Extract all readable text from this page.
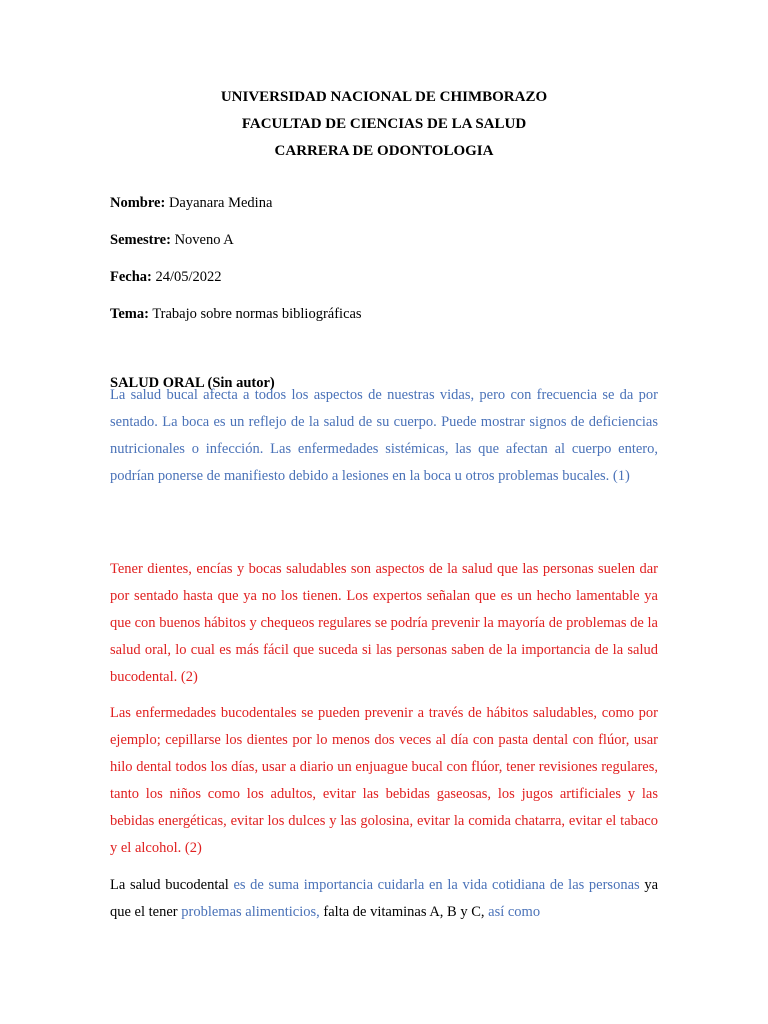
UNIVERSIDAD NACIONAL DE CHIMBORAZO
FACULTAD DE CIENCIAS DE LA SALUD
CARRERA DE ODONTOLOGIA
Nombre: Dayanara Medina
Semestre: Noveno A
Fecha: 24/05/2022
Tema: Trabajo sobre normas bibliográficas
SALUD ORAL (Sin autor)
La salud bucal afecta a todos los aspectos de nuestras vidas, pero con frecuencia se da por sentado. La boca es un reflejo de la salud de su cuerpo. Puede mostrar signos de deficiencias nutricionales o infección. Las enfermedades sistémicas, las que afectan al cuerpo entero, podrían ponerse de manifiesto debido a lesiones en la boca u otros problemas bucales. (1)
Tener dientes, encías y bocas saludables son aspectos de la salud que las personas suelen dar por sentado hasta que ya no los tienen. Los expertos señalan que es un hecho lamentable ya que con buenos hábitos y chequeos regulares se podría prevenir la mayoría de problemas de la salud oral, lo cual es más fácil que suceda si las personas saben de la importancia de la salud bucodental. (2)
Las enfermedades bucodentales se pueden prevenir a través de hábitos saludables, como por ejemplo; cepillarse los dientes por lo menos dos veces al día con pasta dental con flúor, usar hilo dental todos los días, usar a diario un enjuague bucal con flúor, tener revisiones regulares, tanto los niños como los adultos, evitar las bebidas gaseosas, los jugos artificiales y las bebidas energéticas, evitar los dulces y las golosina, evitar la comida chatarra, evitar el tabaco y el alcohol. (2)
La salud bucodental es de suma importancia cuidarla en la vida cotidiana de las personas ya que el tener problemas alimenticios, falta de vitaminas A, B y C, así como
